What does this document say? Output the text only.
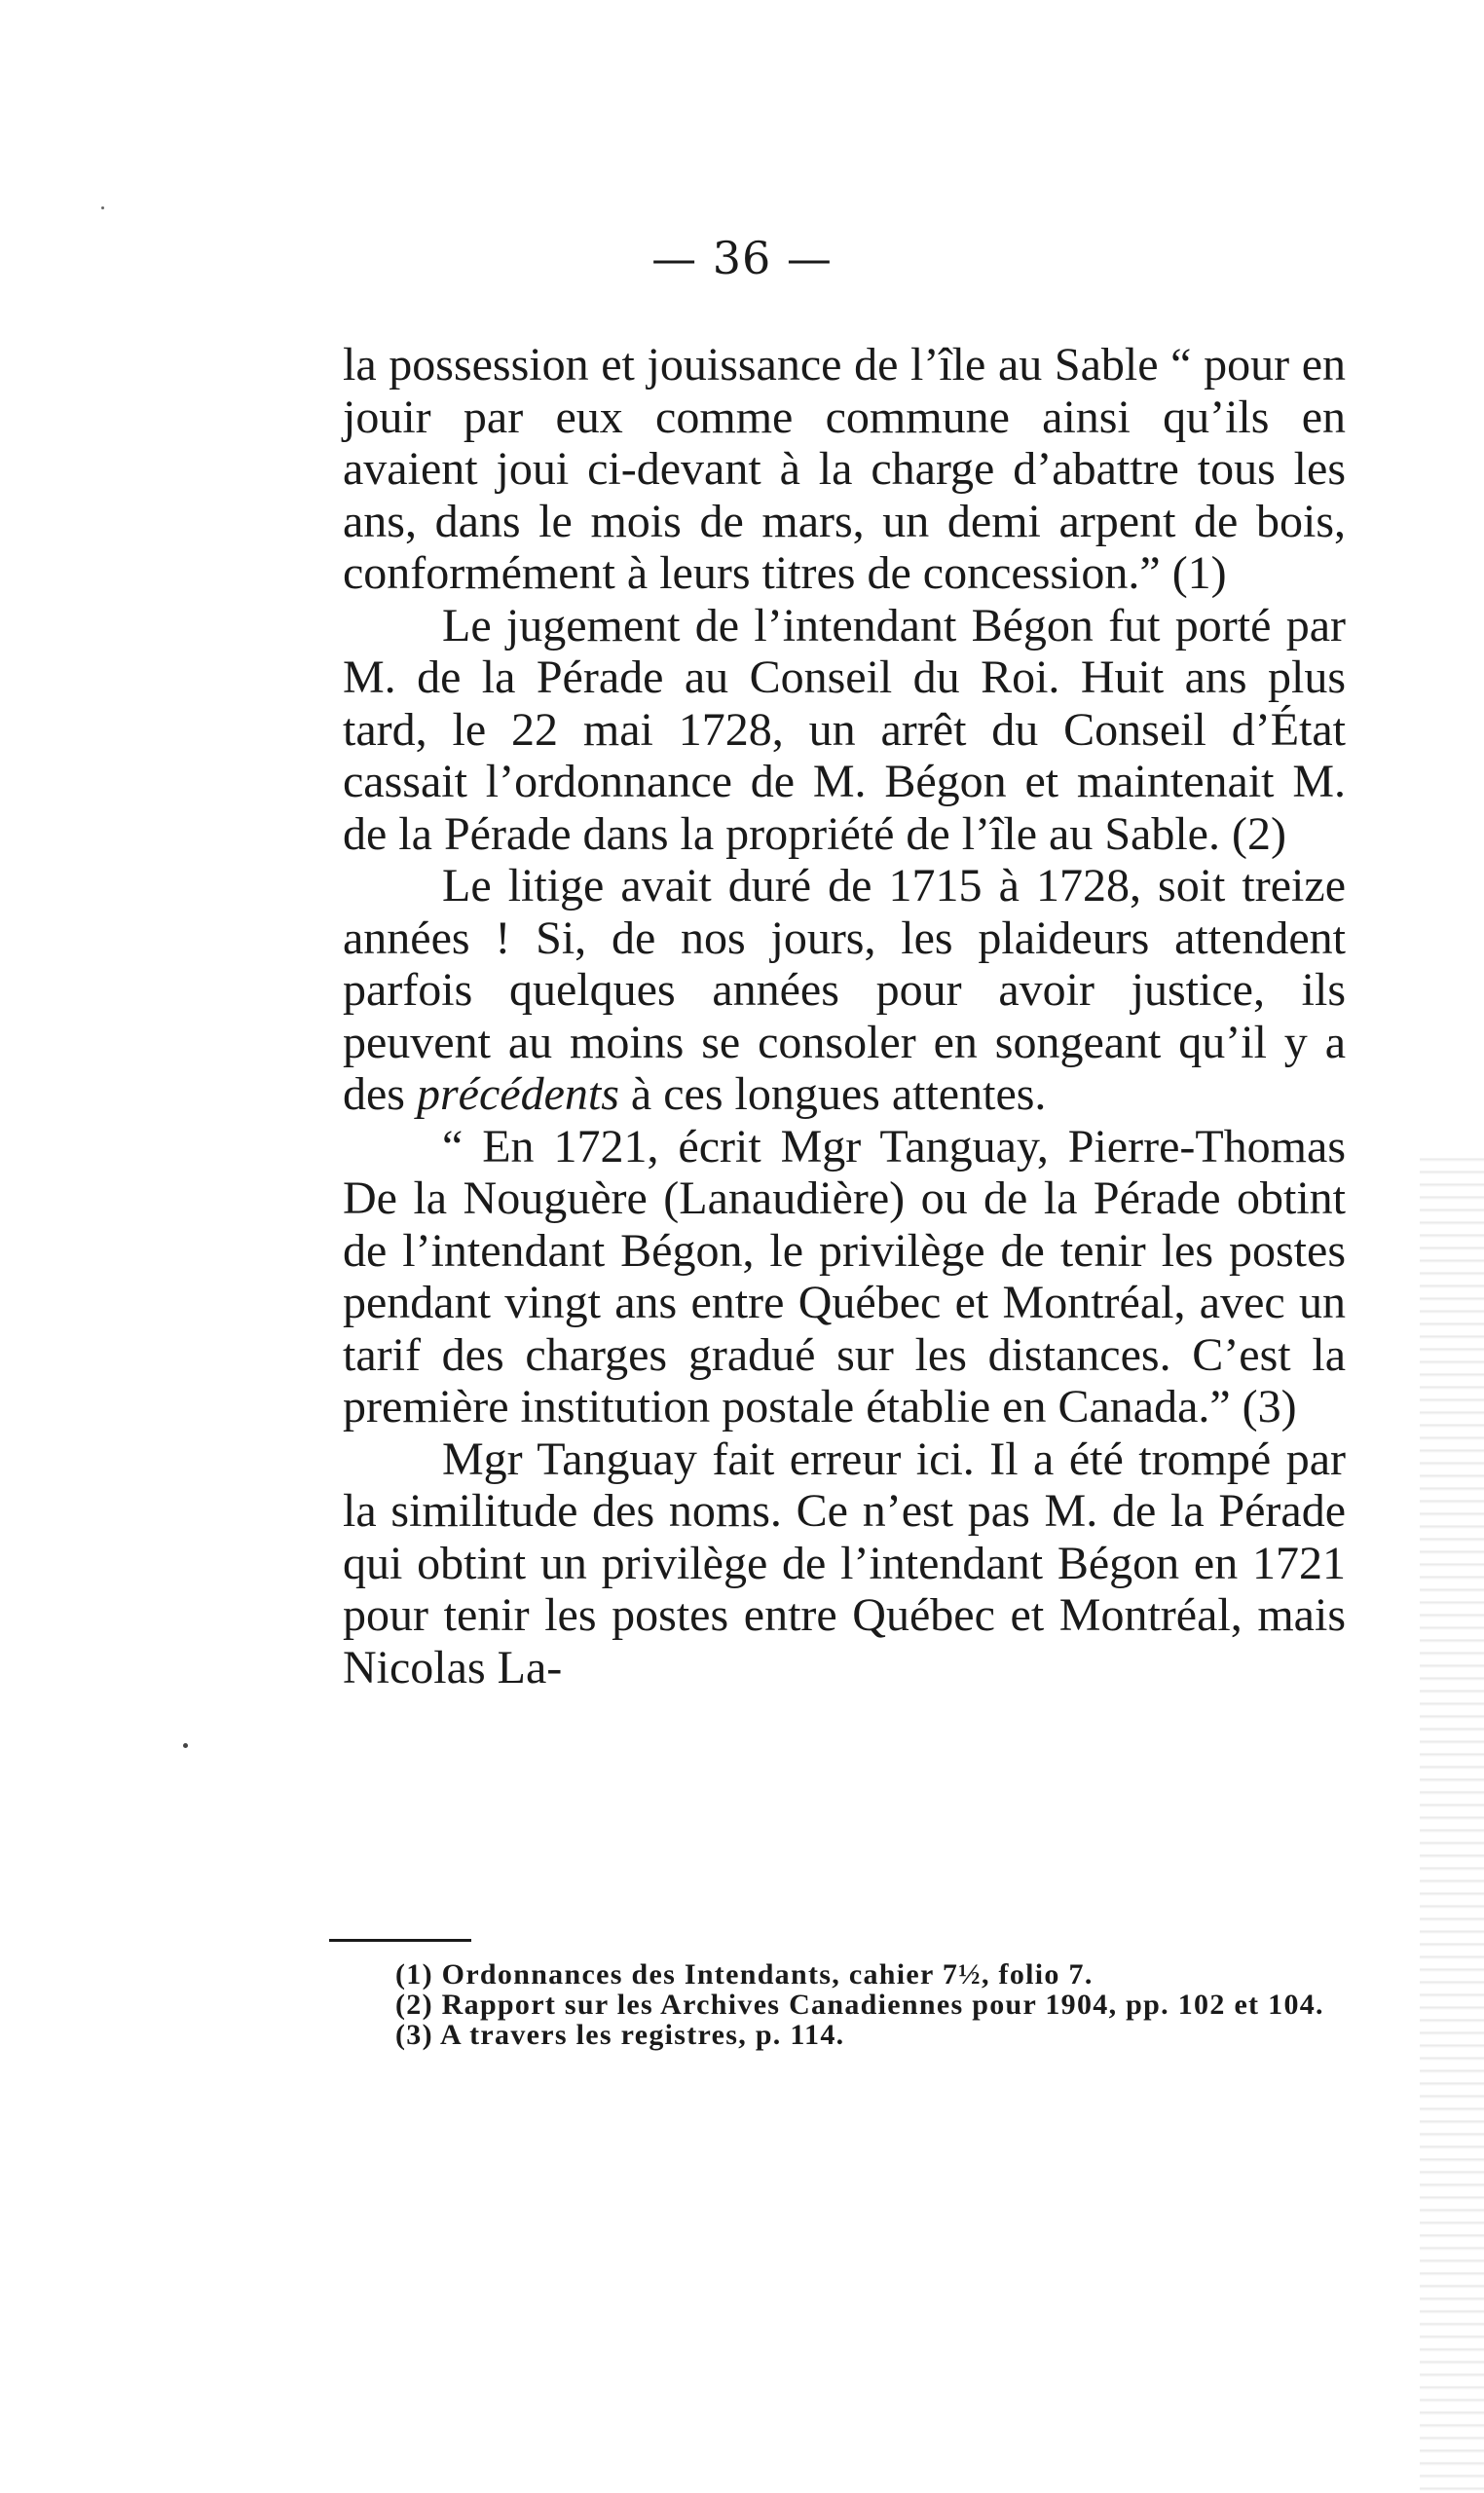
— 36 —

la possession et jouissance de l’île au Sable “ pour en jouir par eux comme commune ainsi qu’ils en avaient joui ci-devant à la charge d’abattre tous les ans, dans le mois de mars, un demi arpent de bois, conformément à leurs titres de concession.” (1)

Le jugement de l’intendant Bégon fut porté par M. de la Pérade au Conseil du Roi. Huit ans plus tard, le 22 mai 1728, un arrêt du Conseil d’État cassait l’ordonnance de M. Bégon et maintenait M. de la Pérade dans la propriété de l’île au Sable. (2)

Le litige avait duré de 1715 à 1728, soit treize années ! Si, de nos jours, les plaideurs attendent parfois quelques années pour avoir justice, ils peuvent au moins se consoler en songeant qu’il y a des précédents à ces longues attentes.

“ En 1721, écrit Mgr Tanguay, Pierre-Thomas De la Nouguère (Lanaudière) ou de la Pérade obtint de l’intendant Bégon, le privilège de tenir les postes pendant vingt ans entre Québec et Montréal, avec un tarif des charges gradué sur les distances. C’est la première institution postale établie en Canada.” (3)

Mgr Tanguay fait erreur ici. Il a été trompé par la similitude des noms. Ce n’est pas M. de la Pérade qui obtint un privilège de l’intendant Bégon en 1721 pour tenir les postes entre Québec et Montréal, mais Nicolas La-

(1) Ordonnances des Intendants, cahier 7½, folio 7.

(2) Rapport sur les Archives Canadiennes pour 1904, pp. 102 et 104.

(3) A travers les registres, p. 114.
